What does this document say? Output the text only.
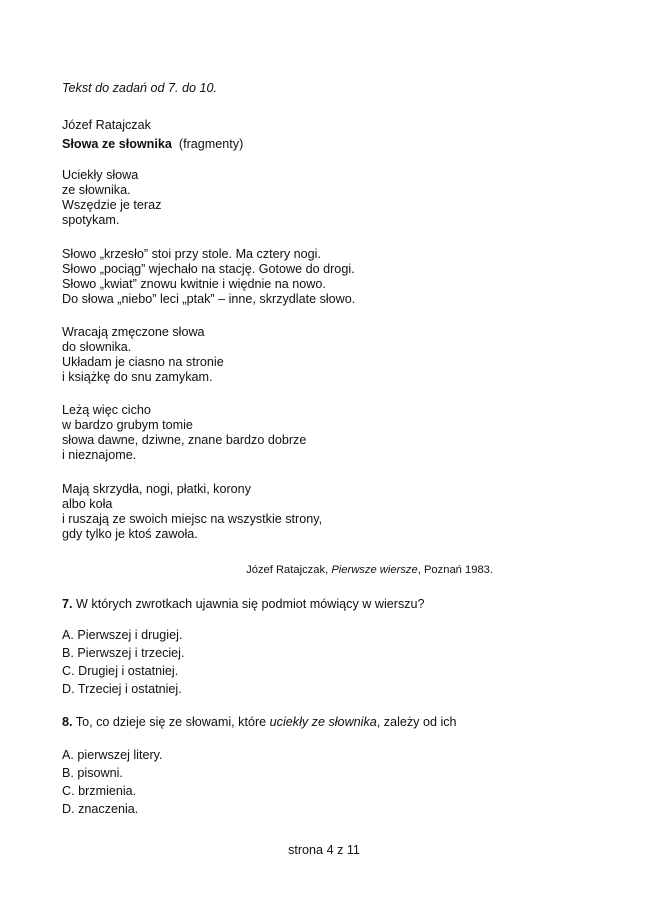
Tekst do zadań od 7. do 10.
Józef Ratajczak
Słowa ze słownika (fragmenty)
Uciekły słowa
ze słownika.
Wszędzie je teraz
spotykam.
Słowo „krzesło” stoi przy stole. Ma cztery nogi.
Słowo „pociąg” wjechało na stację. Gotowe do drogi.
Słowo „kwiat” znowu kwitnie i więdnie na nowo.
Do słowa „niebo” leci „ptak” – inne, skrzydlate słowo.
Wracają zmęczone słowa
do słownika.
Układam je ciasno na stronie
i książkę do snu zamykam.
Leżą więc cicho
w bardzo grubym tomie
słowa dawne, dziwne, znane bardzo dobrze
i nieznajome.
Mają skrzydła, nogi, płatki, korony
albo koła
i ruszają ze swoich miejsc na wszystkie strony,
gdy tylko je ktoś zawoła.
Józef Ratajczak, Pierwsze wiersze, Poznań 1983.
7. W których zwrotkach ujawnia się podmiot mówiący w wierszu?
A. Pierwszej i drugiej.
B. Pierwszej i trzeciej.
C. Drugiej i ostatniej.
D. Trzeciej i ostatniej.
8. To, co dzieje się ze słowami, które uciekły ze słownika, zależy od ich
A. pierwszej litery.
B. pisowni.
C. brzmienia.
D. znaczenia.
strona 4 z 11
